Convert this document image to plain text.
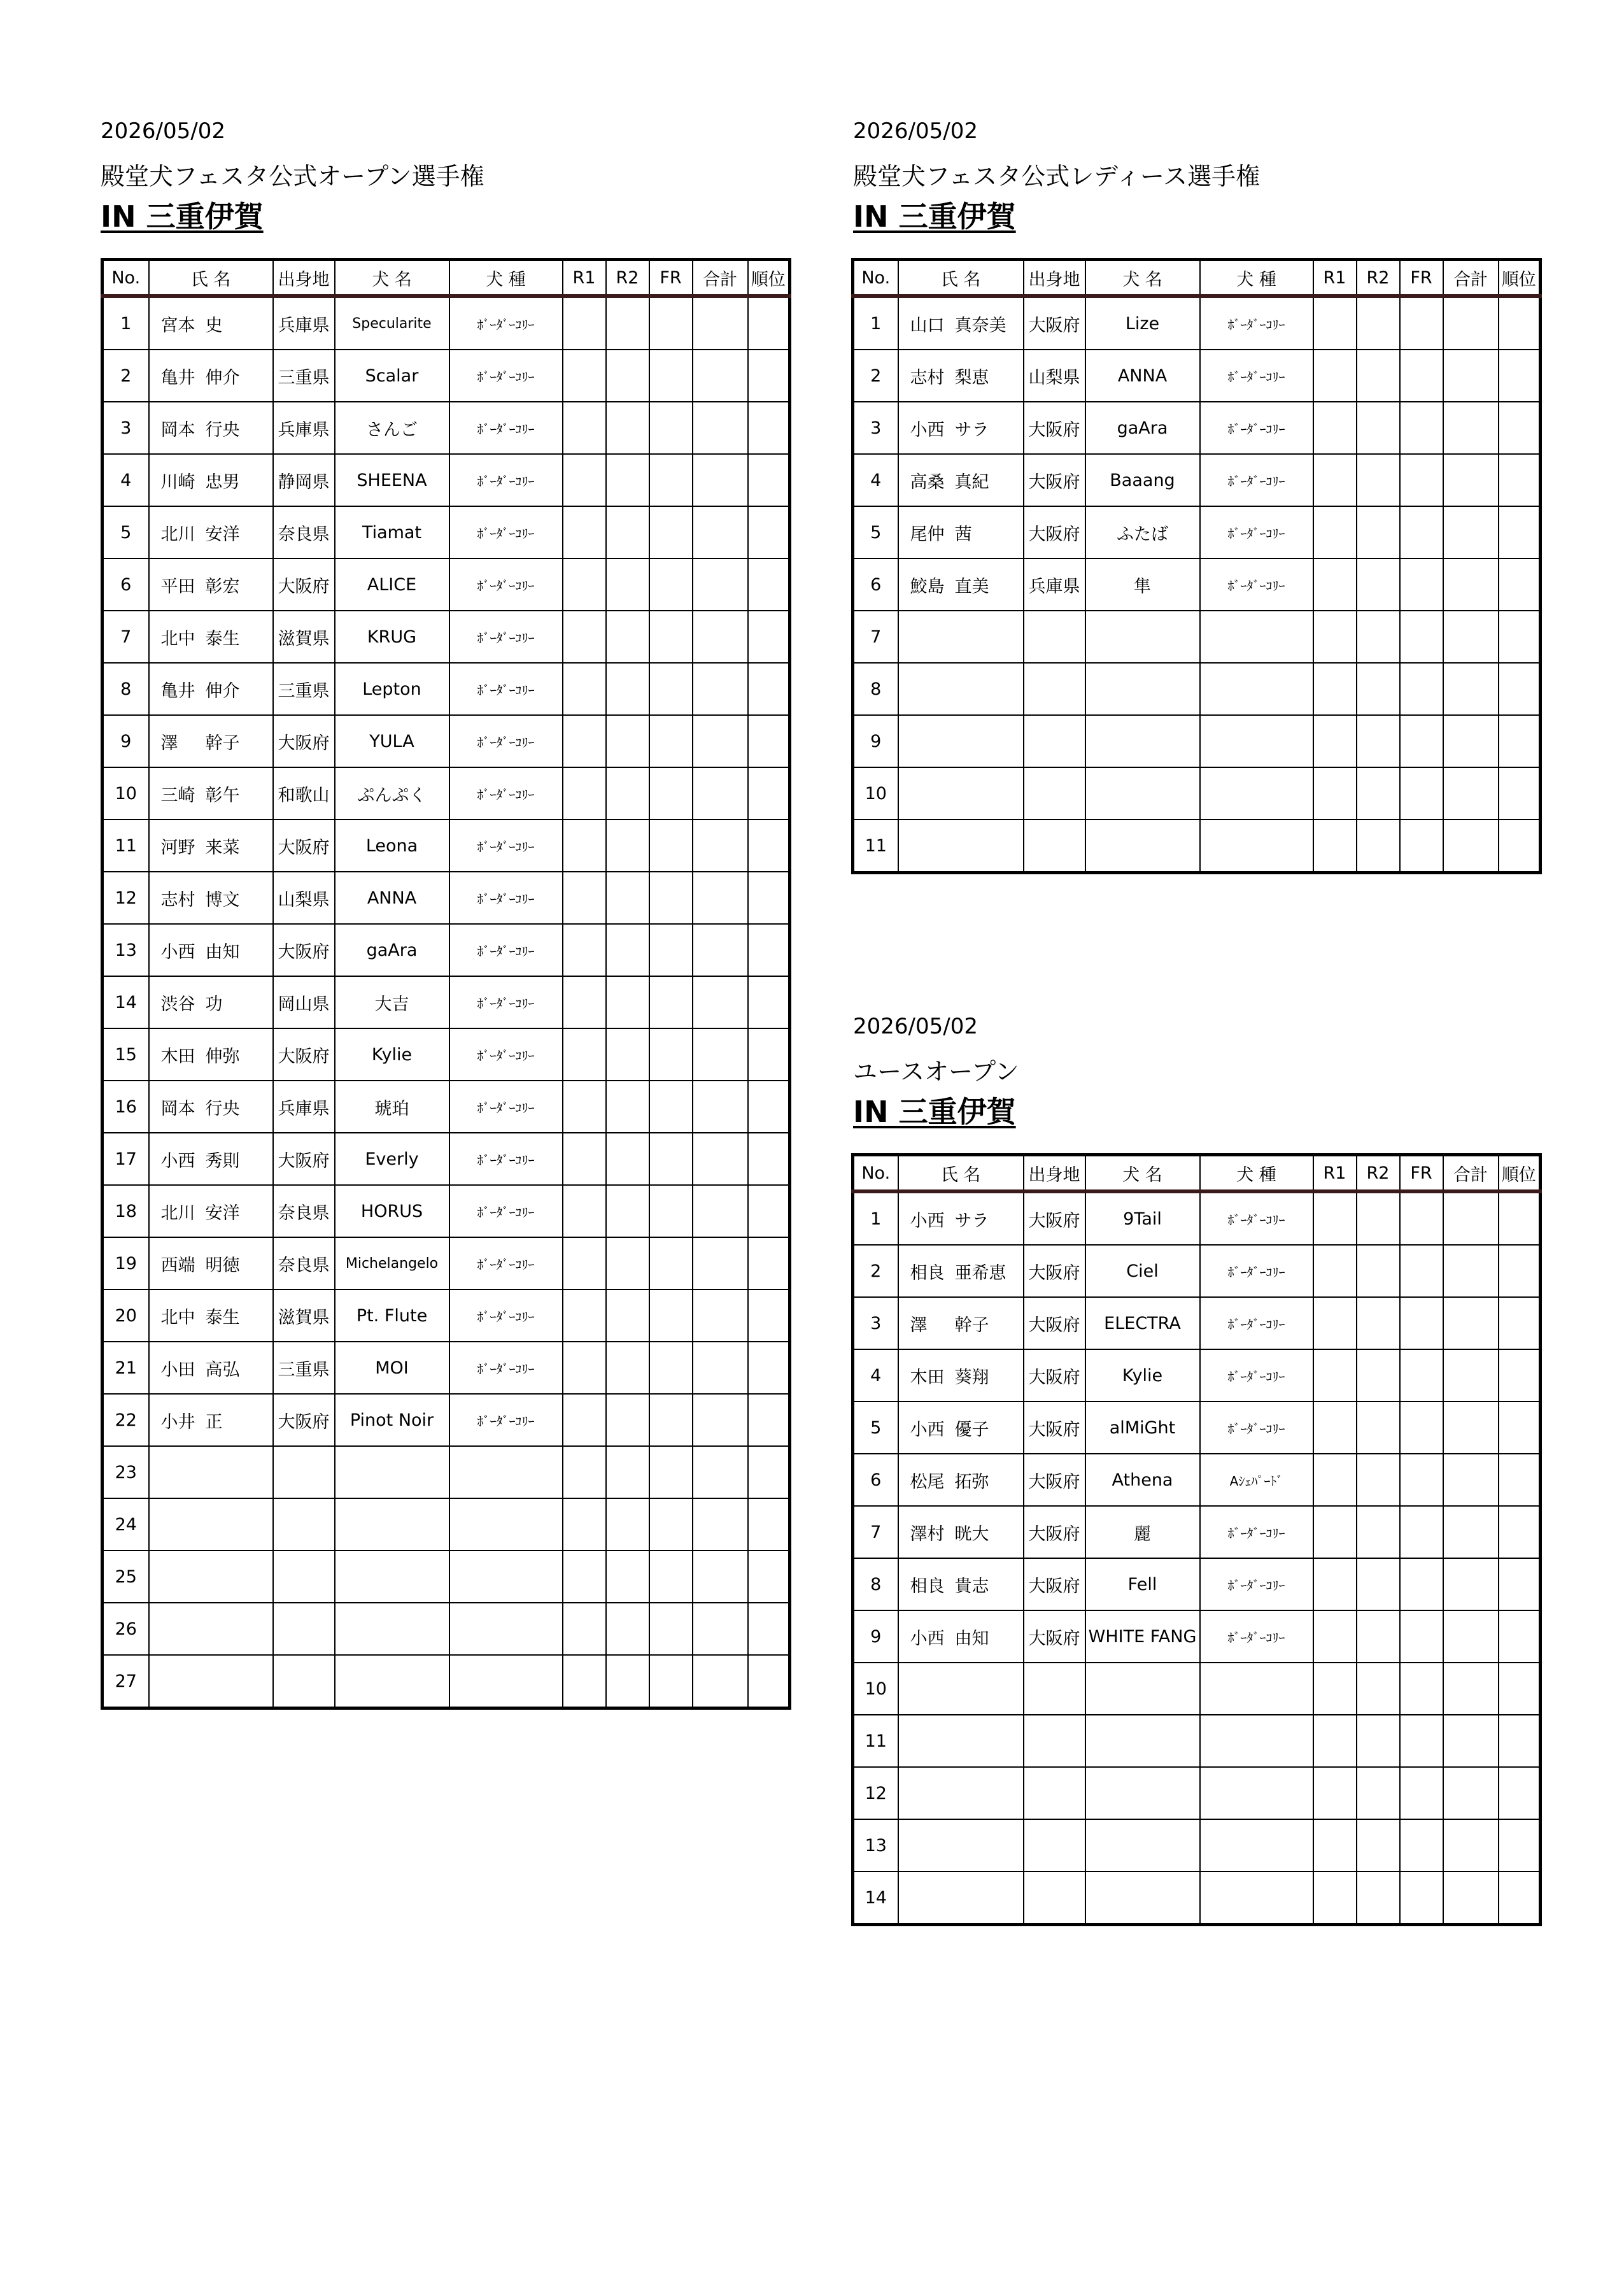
2026/05/02
殿堂犬フェスタ公式オープン選手権
IN 三重伊賀
No.	氏 名	出身地	犬 名	犬 種	R1	R2	FR	合計	順位
1	宮本 史	兵庫県	Specularite	ﾎﾞｰﾀﾞｰｺﾘｰ					
2	亀井 伸介	三重県	Scalar	ﾎﾞｰﾀﾞｰｺﾘｰ					
3	岡本 行央	兵庫県	さんご	ﾎﾞｰﾀﾞｰｺﾘｰ					
4	川崎 忠男	静岡県	SHEENA	ﾎﾞｰﾀﾞｰｺﾘｰ					
5	北川 安洋	奈良県	Tiamat	ﾎﾞｰﾀﾞｰｺﾘｰ					
6	平田 彰宏	大阪府	ALICE	ﾎﾞｰﾀﾞｰｺﾘｰ					
7	北中 泰生	滋賀県	KRUG	ﾎﾞｰﾀﾞｰｺﾘｰ					
8	亀井 伸介	三重県	Lepton	ﾎﾞｰﾀﾞｰｺﾘｰ					
9	澤 幹子	大阪府	YULA	ﾎﾞｰﾀﾞｰｺﾘｰ					
10	三崎 彰午	和歌山	ぷんぷく	ﾎﾞｰﾀﾞｰｺﾘｰ					
11	河野 来菜	大阪府	Leona	ﾎﾞｰﾀﾞｰｺﾘｰ					
12	志村 博文	山梨県	ANNA	ﾎﾞｰﾀﾞｰｺﾘｰ					
13	小西 由知	大阪府	gaAra	ﾎﾞｰﾀﾞｰｺﾘｰ					
14	渋谷 功	岡山県	大吉	ﾎﾞｰﾀﾞｰｺﾘｰ					
15	木田 伸弥	大阪府	Kylie	ﾎﾞｰﾀﾞｰｺﾘｰ					
16	岡本 行央	兵庫県	琥珀	ﾎﾞｰﾀﾞｰｺﾘｰ					
17	小西 秀則	大阪府	Everly	ﾎﾞｰﾀﾞｰｺﾘｰ					
18	北川 安洋	奈良県	HORUS	ﾎﾞｰﾀﾞｰｺﾘｰ					
19	西端 明徳	奈良県	Michelangelo	ﾎﾞｰﾀﾞｰｺﾘｰ					
20	北中 泰生	滋賀県	Pt. Flute	ﾎﾞｰﾀﾞｰｺﾘｰ					
21	小田 高弘	三重県	MOI	ﾎﾞｰﾀﾞｰｺﾘｰ					
22	小井 正	大阪府	Pinot Noir	ﾎﾞｰﾀﾞｰｺﾘｰ					
23									
24									
25									
26									
27									
2026/05/02
殿堂犬フェスタ公式レディース選手権
IN 三重伊賀
No.	氏 名	出身地	犬 名	犬 種	R1	R2	FR	合計	順位
1	山口 真奈美	大阪府	Lize	ﾎﾞｰﾀﾞｰｺﾘｰ					
2	志村 梨恵	山梨県	ANNA	ﾎﾞｰﾀﾞｰｺﾘｰ					
3	小西 サラ	大阪府	gaAra	ﾎﾞｰﾀﾞｰｺﾘｰ					
4	高桑 真紀	大阪府	Baaang	ﾎﾞｰﾀﾞｰｺﾘｰ					
5	尾仲 茜	大阪府	ふたば	ﾎﾞｰﾀﾞｰｺﾘｰ					
6	鮫島 直美	兵庫県	隼	ﾎﾞｰﾀﾞｰｺﾘｰ					
7									
8									
9									
10									
11									
2026/05/02
ユースオープン
IN 三重伊賀
No.	氏 名	出身地	犬 名	犬 種	R1	R2	FR	合計	順位
1	小西 サラ	大阪府	9Tail	ﾎﾞｰﾀﾞｰｺﾘｰ					
2	相良 亜希恵	大阪府	Ciel	ﾎﾞｰﾀﾞｰｺﾘｰ					
3	澤 幹子	大阪府	ELECTRA	ﾎﾞｰﾀﾞｰｺﾘｰ					
4	木田 葵翔	大阪府	Kylie	ﾎﾞｰﾀﾞｰｺﾘｰ					
5	小西 優子	大阪府	alMiGht	ﾎﾞｰﾀﾞｰｺﾘｰ					
6	松尾 拓弥	大阪府	Athena	Aｼｪﾊﾟｰﾄﾞ					
7	澤村 晄大	大阪府	麗	ﾎﾞｰﾀﾞｰｺﾘｰ					
8	相良 貴志	大阪府	Fell	ﾎﾞｰﾀﾞｰｺﾘｰ					
9	小西 由知	大阪府	WHITE FANG	ﾎﾞｰﾀﾞｰｺﾘｰ					
10									
11									
12									
13									
14									
